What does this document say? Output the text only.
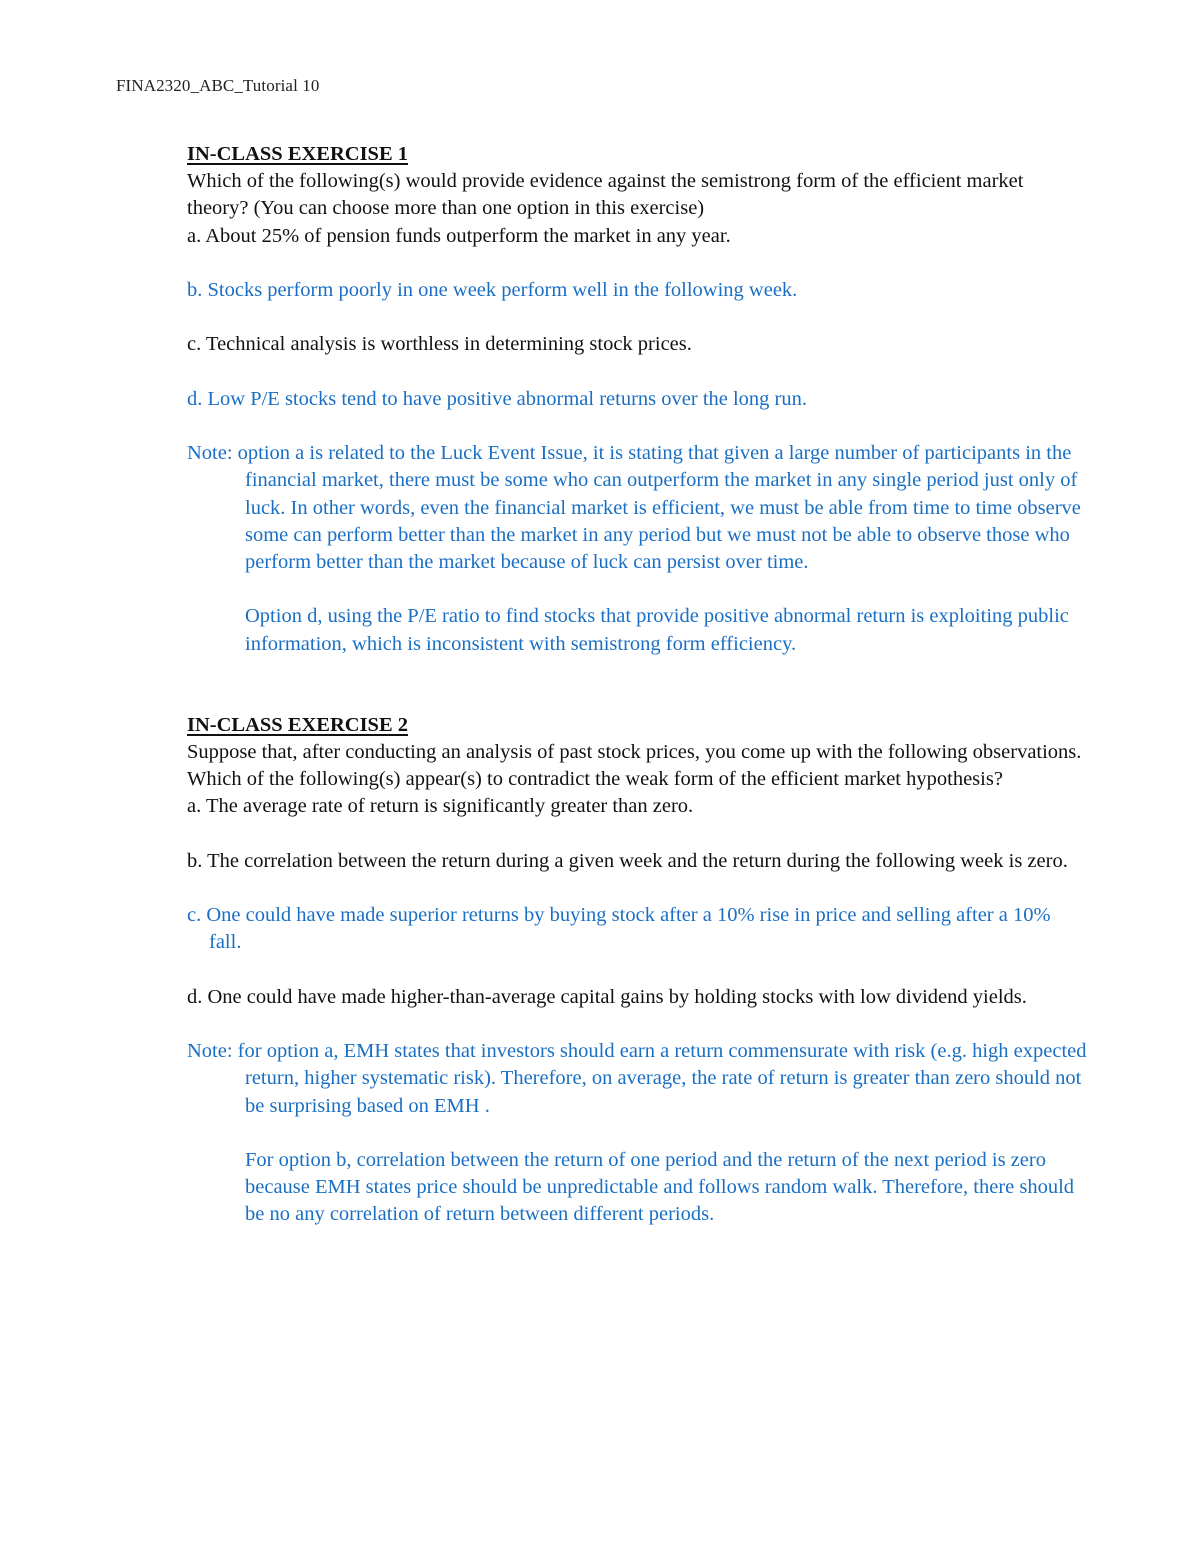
FINA2320_ABC_Tutorial 10

IN-CLASS EXERCISE 1

Which of the following(s) would provide evidence against the semistrong form of the efficient market theory? (You can choose more than one option in this exercise)

a. About 25% of pension funds outperform the market in any year.

b. Stocks perform poorly in one week perform well in the following week.

c. Technical analysis is worthless in determining stock prices.

d. Low P/E stocks tend to have positive abnormal returns over the long run.

Note: option a is related to the Luck Event Issue, it is stating that given a large number of participants in the financial market, there must be some who can outperform the market in any single period just only of luck. In other words, even the financial market is efficient, we must be able from time to time observe some can perform better than the market in any period but we must not be able to observe those who perform better than the market because of luck can persist over time.

Option d, using the P/E ratio to find stocks that provide positive abnormal return is exploiting public information, which is inconsistent with semistrong form efficiency.

IN-CLASS EXERCISE 2

Suppose that, after conducting an analysis of past stock prices, you come up with the following observations. Which of the following(s) appear(s) to contradict the weak form of the efficient market hypothesis?

a. The average rate of return is significantly greater than zero.

b. The correlation between the return during a given week and the return during the following week is zero.

c. One could have made superior returns by buying stock after a 10% rise in price and selling after a 10% fall.

d. One could have made higher-than-average capital gains by holding stocks with low dividend yields.

Note: for option a, EMH states that investors should earn a return commensurate with risk (e.g. high expected return, higher systematic risk). Therefore, on average, the rate of return is greater than zero should not be surprising based on EMH .

For option b, correlation between the return of one period and the return of the next period is zero because EMH states price should be unpredictable and follows random walk. Therefore, there should be no any correlation of return between different periods.
